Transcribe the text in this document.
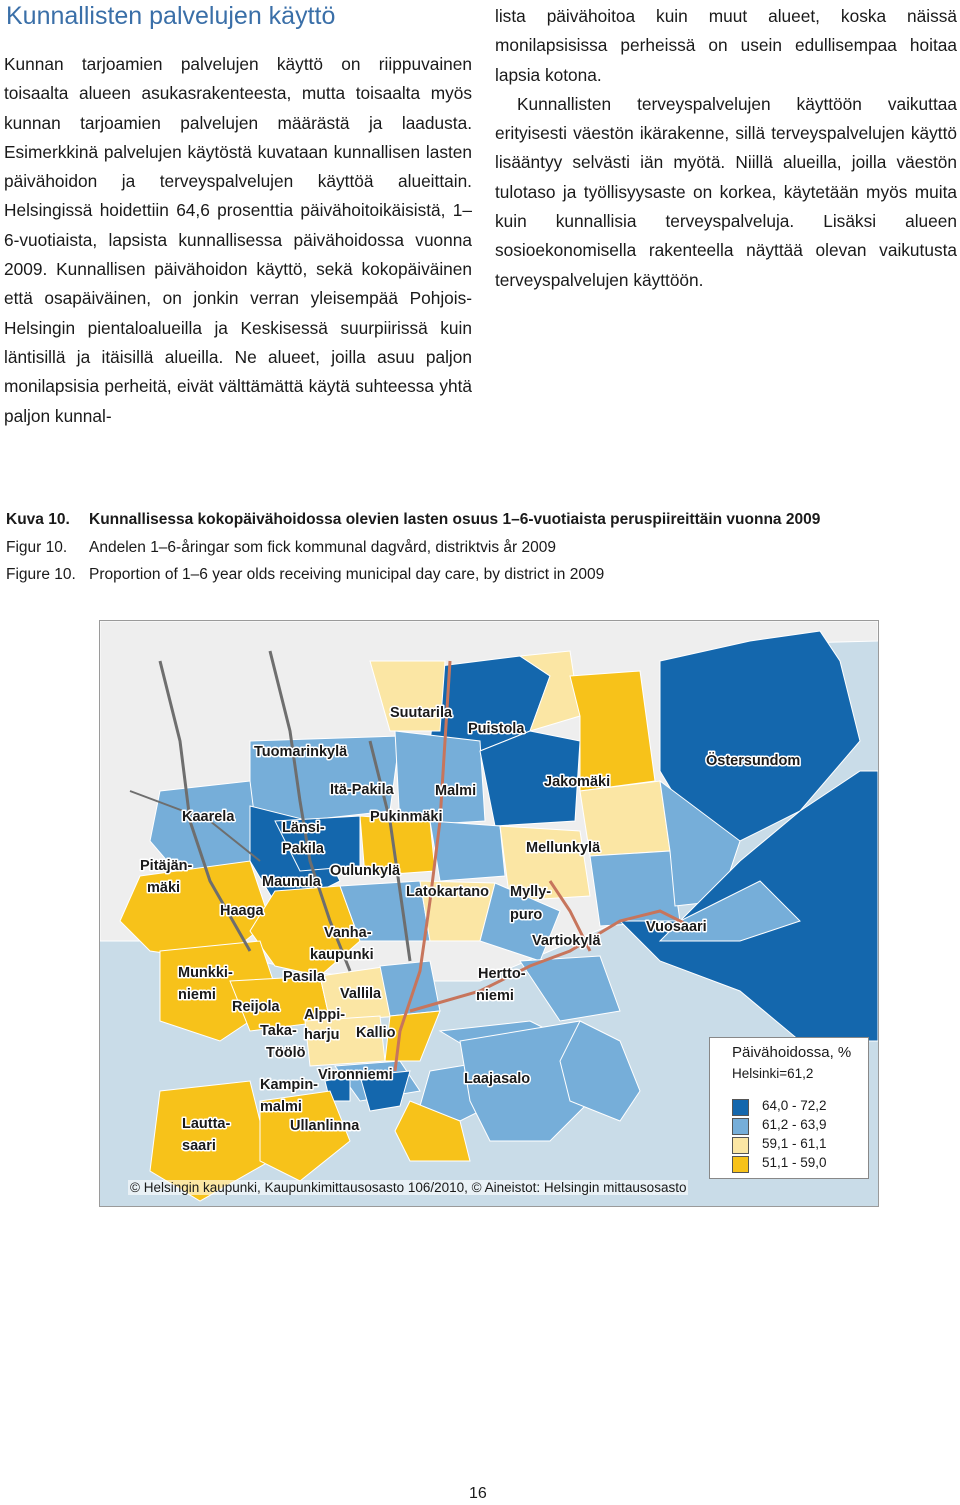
Kunnallisten palvelujen käyttö

Kunnan tarjoamien palvelujen käyttö on riippuvainen toisaalta alueen asukasrakenteesta, mutta toisaalta myös kunnan tarjoamien palvelujen määrästä ja laadusta. Esimerkkinä palvelujen käytöstä kuvataan kunnallisen lasten päivähoidon ja terveyspalvelujen käyttöä alueittain. Helsingissä hoidettiin 64,6 prosenttia päivähoitoikäisistä, 1–6-vuotiaista, lapsista kunnallisessa päivähoidossa vuonna 2009. Kunnallisen päivähoidon käyttö, sekä kokopäiväinen että osapäiväinen, on jonkin verran yleisempää Pohjois-Helsingin pientaloalueilla ja Keskisessä suurpiirissä kuin läntisillä ja itäisillä alueilla. Ne alueet, joilla asuu paljon monilapsisia perheitä, eivät välttämättä käytä suhteessa yhtä paljon kunnal-

lista päivähoitoa kuin muut alueet, koska näissä monilapsisissa perheissä on usein edullisempaa hoitaa lapsia kotona.

Kunnallisten terveyspalvelujen käyttöön vaikuttaa erityisesti väestön ikärakenne, sillä terveyspalvelujen käyttö lisääntyy selvästi iän myötä. Niillä alueilla, joilla väestön tulotaso ja työllisyysaste on korkea, käytetään myös muita kuin kunnallisia terveyspalveluja. Lisäksi alueen sosioekonomisella rakenteella näyttää olevan vaikutusta terveyspalvelujen käyttöön.

Kuva 10. Kunnallisessa kokopäivähoidossa olevien lasten osuus 1–6-vuotiaista peruspiireittäin vuonna 2009
Figur 10. Andelen 1–6-åringar som fick kommunal dagvård, distriktvis år 2009
Figure 10. Proportion of 1–6 year olds receiving municipal day care, by district in 2009
Suutarila
Puistola
Tuomarinkylä
Östersundom
Itä-Pakila	Malmi
Jakomäki
Kaarela	Pukinmäki
Länsi-Pakila	Mellunkylä
Pitäjän-mäki
Oulunkylä
Maunula
Latokartano Mylly-puro
Haaga
Vuosaari
Vanha-kaupunki
Vartiokylä
Munkki-niemi
Pasila	Hertto-niemi
Vallila
Reijola Alppi-harju
Taka-Töölö
Kallio
Vironniemi	Laajasalo
Kampin-malmi
Lautta-saari
Ullanlinna
Päivähoidossa, %
Helsinki=61,2
64,0 - 72,2
61,2 - 63,9
59,1 - 61,1
51,1 - 59,0
© Helsingin kaupunki, Kaupunkimittausosasto 106/2010, © Aineistot: Helsingin mittausosasto
16
